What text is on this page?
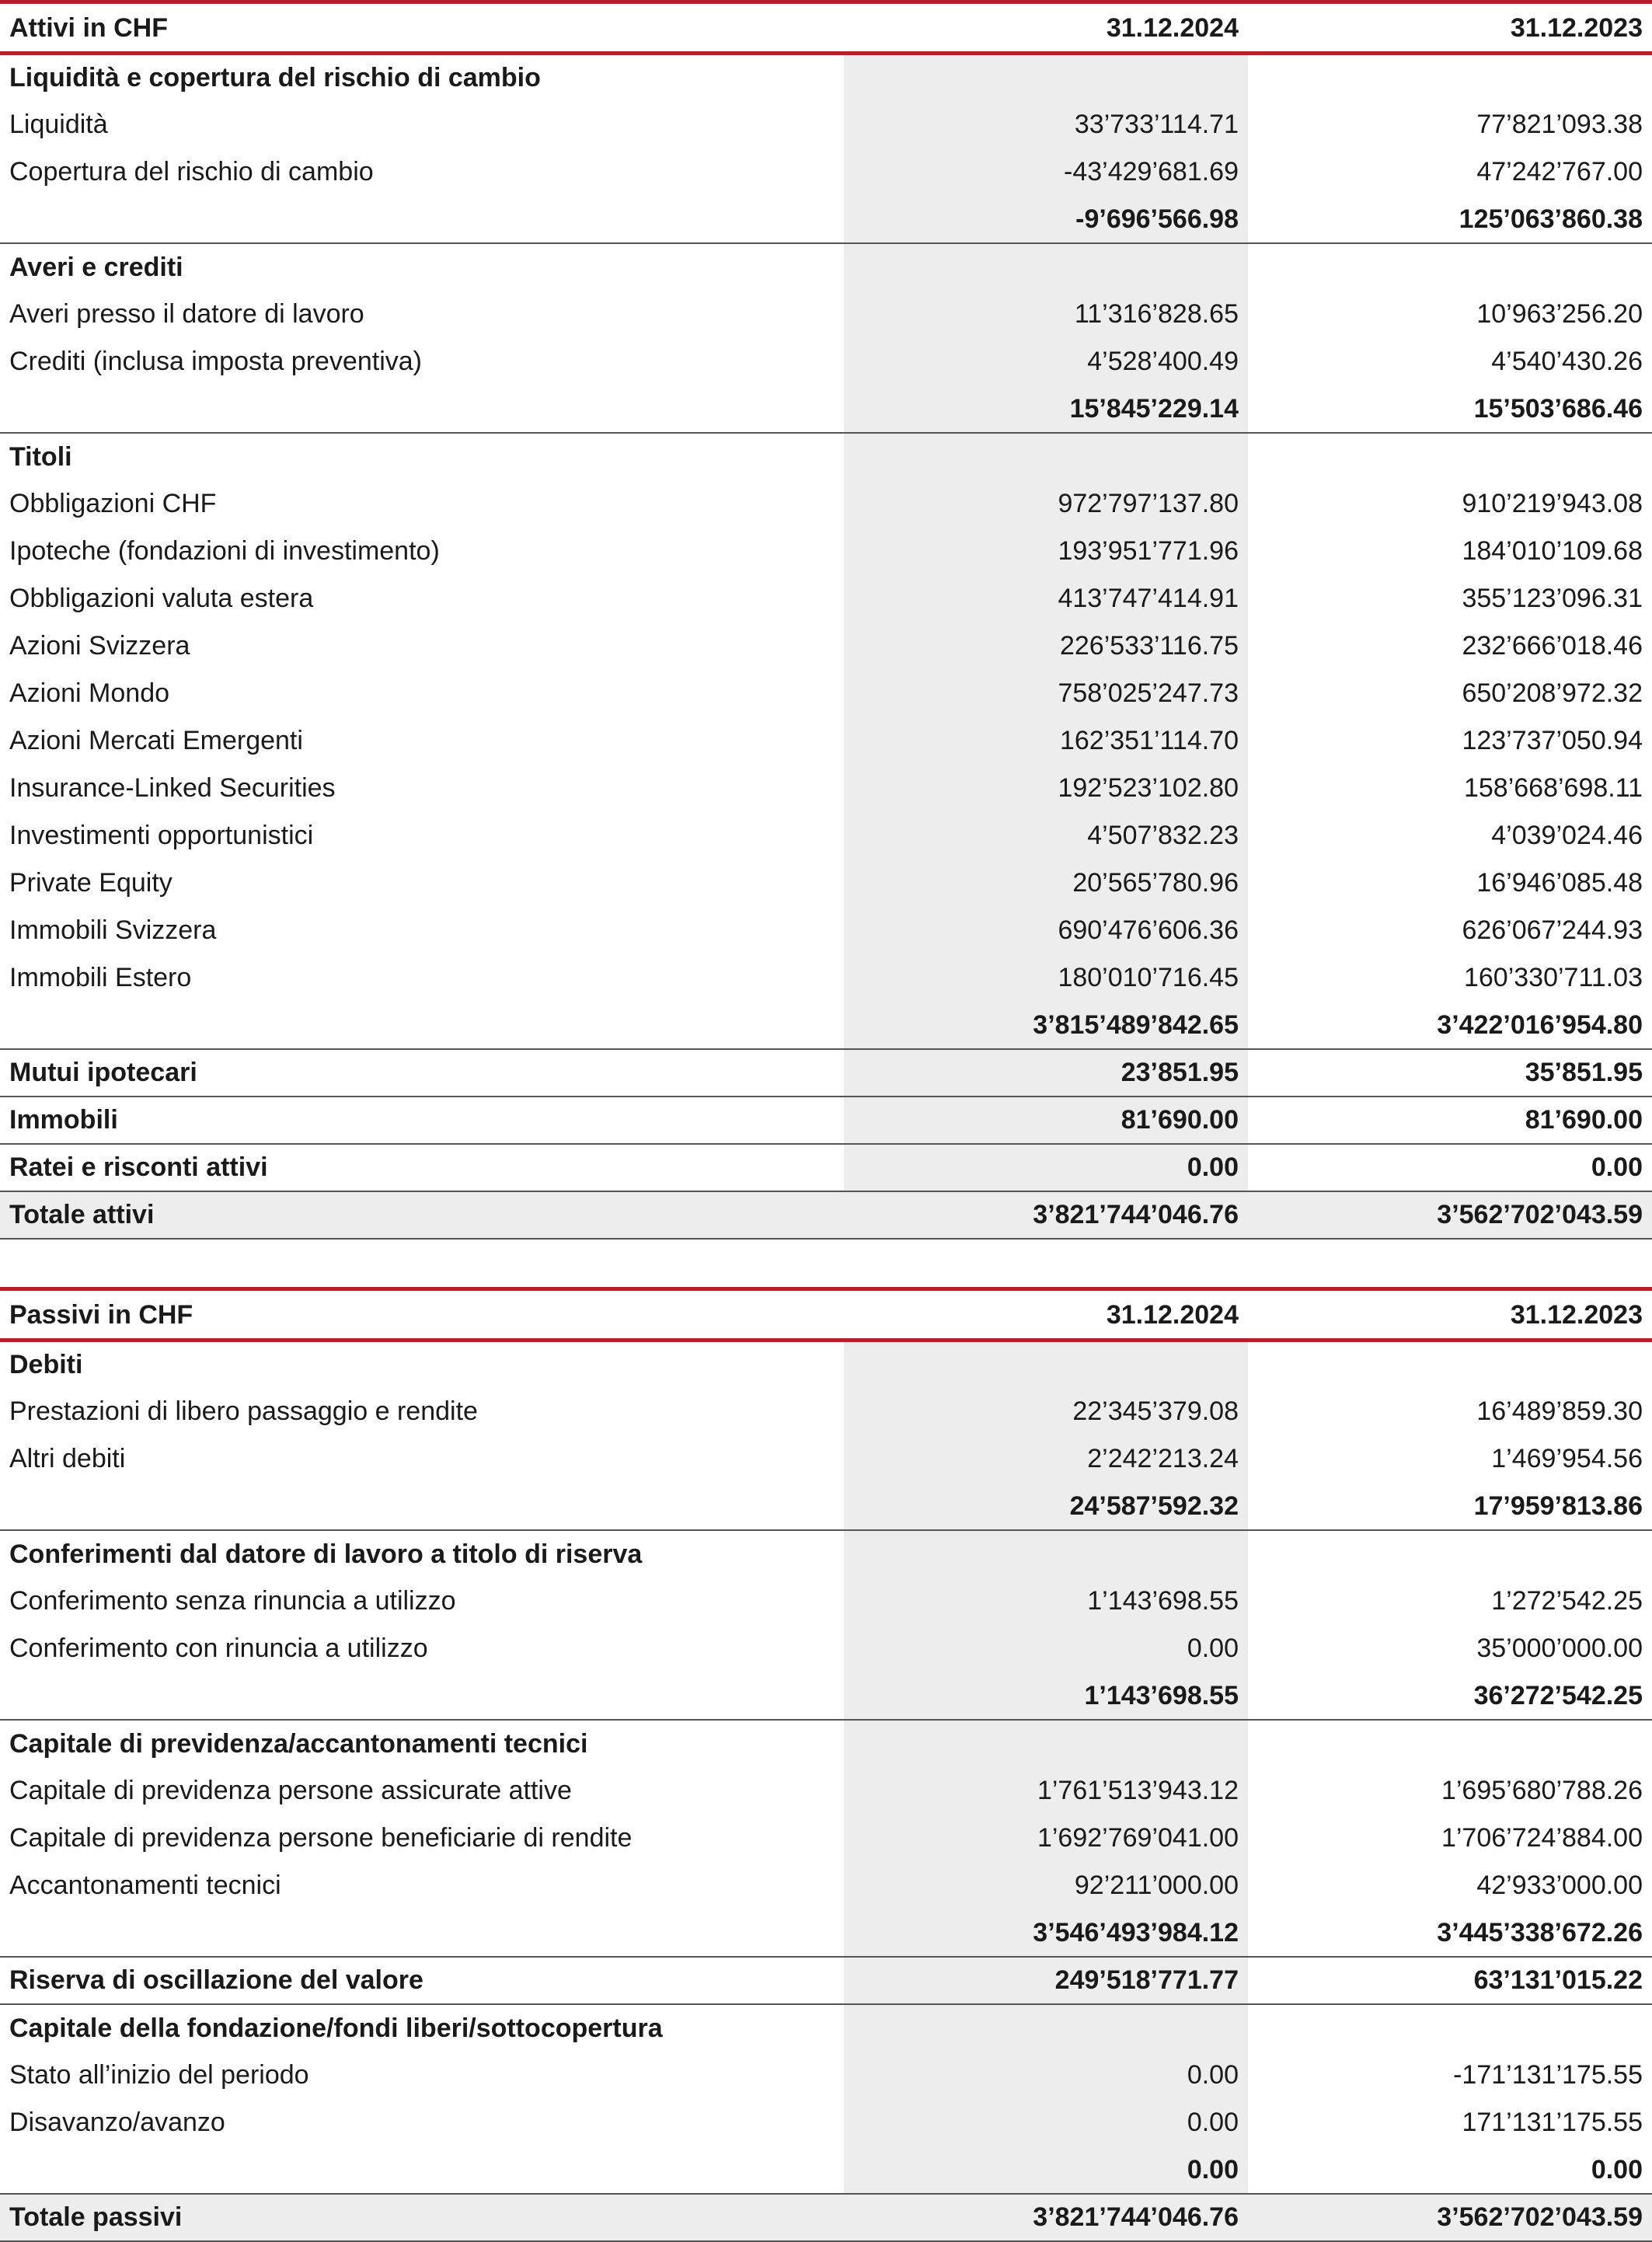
Attivi in CHF	31.12.2024	31.12.2023
Liquidità e copertura del rischio di cambio		
Liquidità	33’733’114.71	77’821’093.38
Copertura del rischio di cambio	-43’429’681.69	47’242’767.00
	-9’696’566.98	125’063’860.38
Averi e crediti		
Averi presso il datore di lavoro	11’316’828.65	10’963’256.20
Crediti (inclusa imposta preventiva)	4’528’400.49	4’540’430.26
	15’845’229.14	15’503’686.46
Titoli		
Obbligazioni CHF	972’797’137.80	910’219’943.08
Ipoteche (fondazioni di investimento)	193’951’771.96	184’010’109.68
Obbligazioni valuta estera	413’747’414.91	355’123’096.31
Azioni Svizzera	226’533’116.75	232’666’018.46
Azioni Mondo	758’025’247.73	650’208’972.32
Azioni Mercati Emergenti	162’351’114.70	123’737’050.94
Insurance-Linked Securities	192’523’102.80	158’668’698.11
Investimenti opportunistici	4’507’832.23	4’039’024.46
Private Equity	20’565’780.96	16’946’085.48
Immobili Svizzera	690’476’606.36	626’067’244.93
Immobili Estero	180’010’716.45	160’330’711.03
	3’815’489’842.65	3’422’016’954.80
Mutui ipotecari	23’851.95	35’851.95
Immobili	81’690.00	81’690.00
Ratei e risconti attivi	0.00	0.00
Totale attivi	3’821’744’046.76	3’562’702’043.59
Passivi in CHF	31.12.2024	31.12.2023
Debiti		
Prestazioni di libero passaggio e rendite	22’345’379.08	16’489’859.30
Altri debiti	2’242’213.24	1’469’954.56
	24’587’592.32	17’959’813.86
Conferimenti dal datore di lavoro a titolo di riserva		
Conferimento senza rinuncia a utilizzo	1’143’698.55	1’272’542.25
Conferimento con rinuncia a utilizzo	0.00	35’000’000.00
	1’143’698.55	36’272’542.25
Capitale di previdenza/accantonamenti tecnici		
Capitale di previdenza persone assicurate attive	1’761’513’943.12	1’695’680’788.26
Capitale di previdenza persone beneficiarie di rendite	1’692’769’041.00	1’706’724’884.00
Accantonamenti tecnici	92’211’000.00	42’933’000.00
	3’546’493’984.12	3’445’338’672.26
Riserva di oscillazione del valore	249’518’771.77	63’131’015.22
Capitale della fondazione/fondi liberi/sottocopertura		
Stato all’inizio del periodo	0.00	-171’131’175.55
Disavanzo/avanzo	0.00	171’131’175.55
	0.00	0.00
Totale passivi	3’821’744’046.76	3’562’702’043.59
